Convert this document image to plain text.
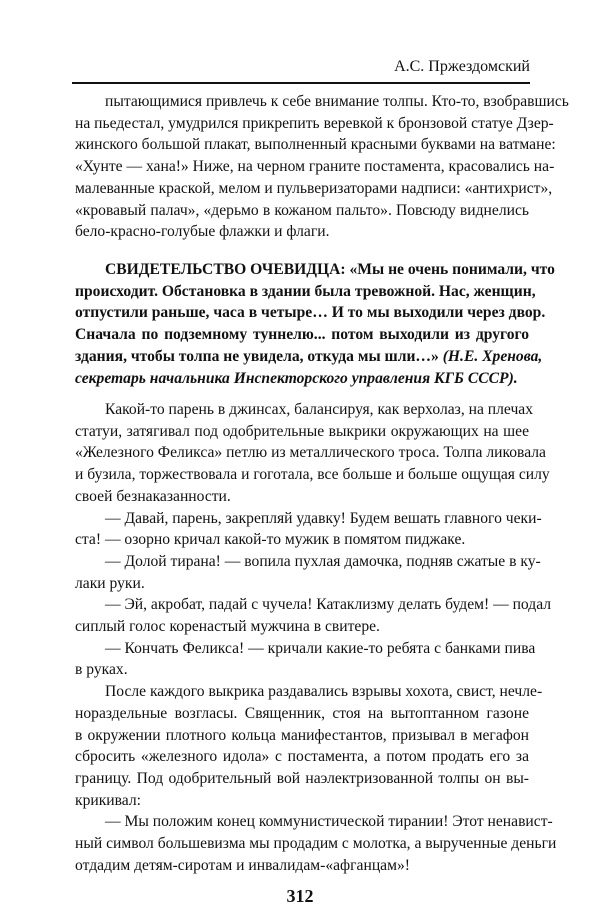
А.С. Пржездомский
пытающимися привлечь к себе внимание толпы. Кто-то, взобравшись
на пьедестал, умудрился прикрепить веревкой к бронзовой статуе Дзер-
жинского большой плакат, выполненный красными буквами на ватмане:
«Хунте — хана!» Ниже, на черном граните постамента, красовались на-
малеванные краской, мелом и пульверизаторами надписи: «антихрист»,
«кровавый палач», «дерьмо в кожаном пальто». Повсюду виднелись
бело-красно-голубые флажки и флаги.
СВИДЕТЕЛЬСТВО ОЧЕВИДЦА: «Мы не очень понимали, что
происходит. Обстановка в здании была тревожной. Нас, женщин,
отпустили раньше, часа в четыре… И то мы выходили через двор.
Сначала по подземному туннелю... потом выходили из другого
здания, чтобы толпа не увидела, откуда мы шли…» (Н.Е. Хренова,
секретарь начальника Инспекторского управления КГБ СССР).
Какой-то парень в джинсах, балансируя, как верхолаз, на плечах
статуи, затягивал под одобрительные выкрики окружающих на шее
«Железного Феликса» петлю из металлического троса. Толпа ликовала
и бузила, торжествовала и гоготала, все больше и больше ощущая силу
своей безнаказанности.
— Давай, парень, закрепляй удавку! Будем вешать главного чеки-
ста! — озорно кричал какой-то мужик в помятом пиджаке.
— Долой тирана! — вопила пухлая дамочка, подняв сжатые в ку-
лаки руки.
— Эй, акробат, падай с чучела! Катаклизму делать будем! — подал
сиплый голос коренастый мужчина в свитере.
— Кончать Феликса! — кричали какие-то ребята с банками пива
в руках.
После каждого выкрика раздавались взрывы хохота, свист, нечле-
нораздельные возгласы. Священник, стоя на вытоптанном газоне
в окружении плотного кольца манифестантов, призывал в мегафон
сбросить «железного идола» с постамента, а потом продать его за
границу. Под одобрительный вой наэлектризованной толпы он вы-
крикивал:
— Мы положим конец коммунистической тирании! Этот ненавист-
ный символ большевизма мы продадим с молотка, а вырученные деньги
отдадим детям-сиротам и инвалидам-«афганцам»!
312
